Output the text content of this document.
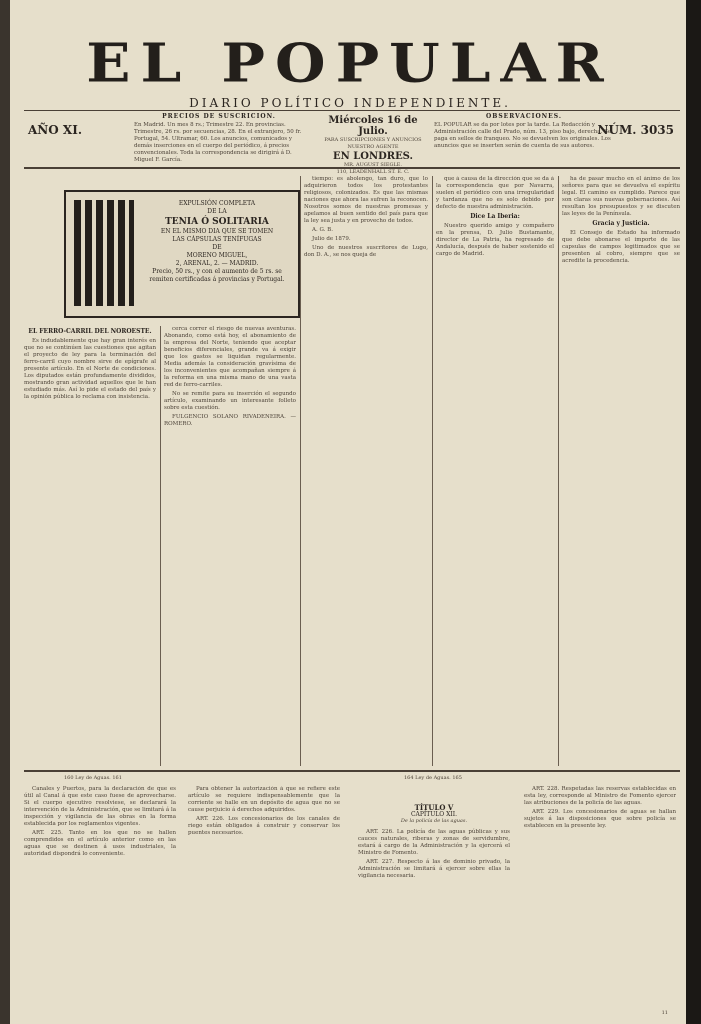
EL POPULAR
DIARIO POLÍTICO INDEPENDIENTE.
AÑO XI.
PRECIOS DE SUSCRICION.
En Madrid. Un mes 8 rs.; Trimestre 22. En provincias. Trimestre, 26 rs. por secuencias, 28. En el extranjero, 50 fr. Portugal, 54. Ultramar, 60. Los anuncios, comunicados y demás inserciones en el cuerpo del periódico, á precios convencionales. Toda la correspondencia se dirigirá á D. Miguel F. García.
Miércoles 16 de Julio.
PARA SUSCRIPCIONES Y ANUNCIOS NUESTRO AGENTE
EN LONDRES.
MR. AUGUST SIEGLE.
110, LEADENHALL ST. E. C.
OBSERVACIONES.
EL POPULAR se da por lotes por la tarde. La Redacción y Administración calle del Prado, núm. 13, piso bajo, derecha. Se paga en sellos de franqueo. No se devuelven los originales. Los anuncios que se inserten serán de cuenta de sus autores.
NÚM. 3035
EXPULSIÓN COMPLETA
DE LA
TENIA Ó SOLITARIA
EN EL MISMO DIA QUE SE TOMEN
LAS CÁPSULAS TENÍFUGAS
DE
MORENO MIGUEL,
2, ARENAL, 2. — MADRID.
Precio, 50 rs., y con el aumento de 5 rs. se remiten certificadas á provincias y Portugal.
EL FERRO-CARRIL DEL NOROESTE.

Es indudablemente que hay gran interés en que no se continúen las cuestiones que agitan el proyecto de ley para la terminación del ferro-carril cuyo nombre sirve de epígrafe al presente artículo. En el Norte de condiciones. Los diputados están profundamente divididos, mostrando gran actividad aquellos que le han estudiado más. Así lo pide el estado del país y la opinión pública lo reclama con insistencia.

cerca correr el riesgo de nuevas aventuras. Abonando, como está hoy, el abonamiento de la empresa del Norte, teniendo que aceptar beneficios diferenciales, grande va á exigir que los gastos se liquidan regularmente. Media además la consideración gravísima de los inconvenientes que acompañan siempre á la reforma en una misma mano de una vasta red de ferro-carriles.

No se remite para su inserción el segundo artículo, examinando un interesante folleto sobre esta cuestión.

FULGENCIO SOLANO RIVADENEIRA. — ROMERO.

tiempo: es abolengo, tan duro, que lo adquirieron todos los protestantes religiosos, colonizados. Es que las mismas naciones que ahora las sufren la reconocen. Nosotros somos de nuestras promesas y apelamos al buen sentido del país para que la ley sea justa y en provecho de todos.

A. G. B.

Julio de 1879.

Uno de nuestros suscritores de Lugo, don D. A., se nos queja de

que á causa de la dirección que se da á la correspondencia que por Navarra, suelen el periódico con una irregularidad y tardanza que no es solo debido por defecto de nuestra administración.

Dice La Iberia:

Nuestro querido amigo y compañero en la prensa, D. Julio Bustamante, director de La Patria, ha regresado de Andalucía, después de haber sostenido el cargo de Madrid.

ha de pasar mucho en el ánimo de los señores para que se devuelva el espíritu legal. El camino es cumplido. Parece que son claras sus nuevas gobernaciones. Así resultan los presupuestos y se discuten las leyes de la Península.

Gracia y Justicia.

El Consejo de Estado ha informado que debe abonarse el importe de las capsulas de campos legitimados que se presenten al cobro, siempre que se acredite la procedencia.

160 Ley de Aguas. 161	164 Ley de Aguas. 165

Canales y Puertos, para la declaración de que es útil al Canal á que este caso fuese de aprovecharse. Si el cuerpo ejecutivo resolviese, se declarará la intervención de la Administración, que se limitará á la inspección y vigilancia de las obras en la forma establecida por los reglamentos vigentes.

ART. 225. Tanto en los que no se hallen comprendidos en el artículo anterior como en las aguas que se destinen á usos industriales, la autoridad dispondrá lo conveniente.

Para obtener la autorización á que se refiere este artículo se requiere indispensablemente que la corriente se halle en un depósito de agua que no se cause perjuicio á derechos adquiridos.

ART. 226. Los concesionarios de los canales de riego están obligados á construir y conservar los puentes necesarios.

TÍTULO V
CAPÍTULO XII.
De la policía de las aguas.

ART. 226. La policía de las aguas públicas y sus cauces naturales, riberas y zonas de servidumbre, estará á cargo de la Administración y la ejercerá el Ministro de Fomento.

ART. 227. Respecto á las de dominio privado, la Administración se limitará á ejercer sobre ellas la vigilancia necesaria.

ART. 228. Respetadas las reservas establecidas en esta ley, corresponde al Ministro de Fomento ejercer las atribuciones de la policía de las aguas.

ART. 229. Los concesionarios de aguas se hallan sujetos á las disposiciones que sobre policía se establecen en la presente ley.

11
